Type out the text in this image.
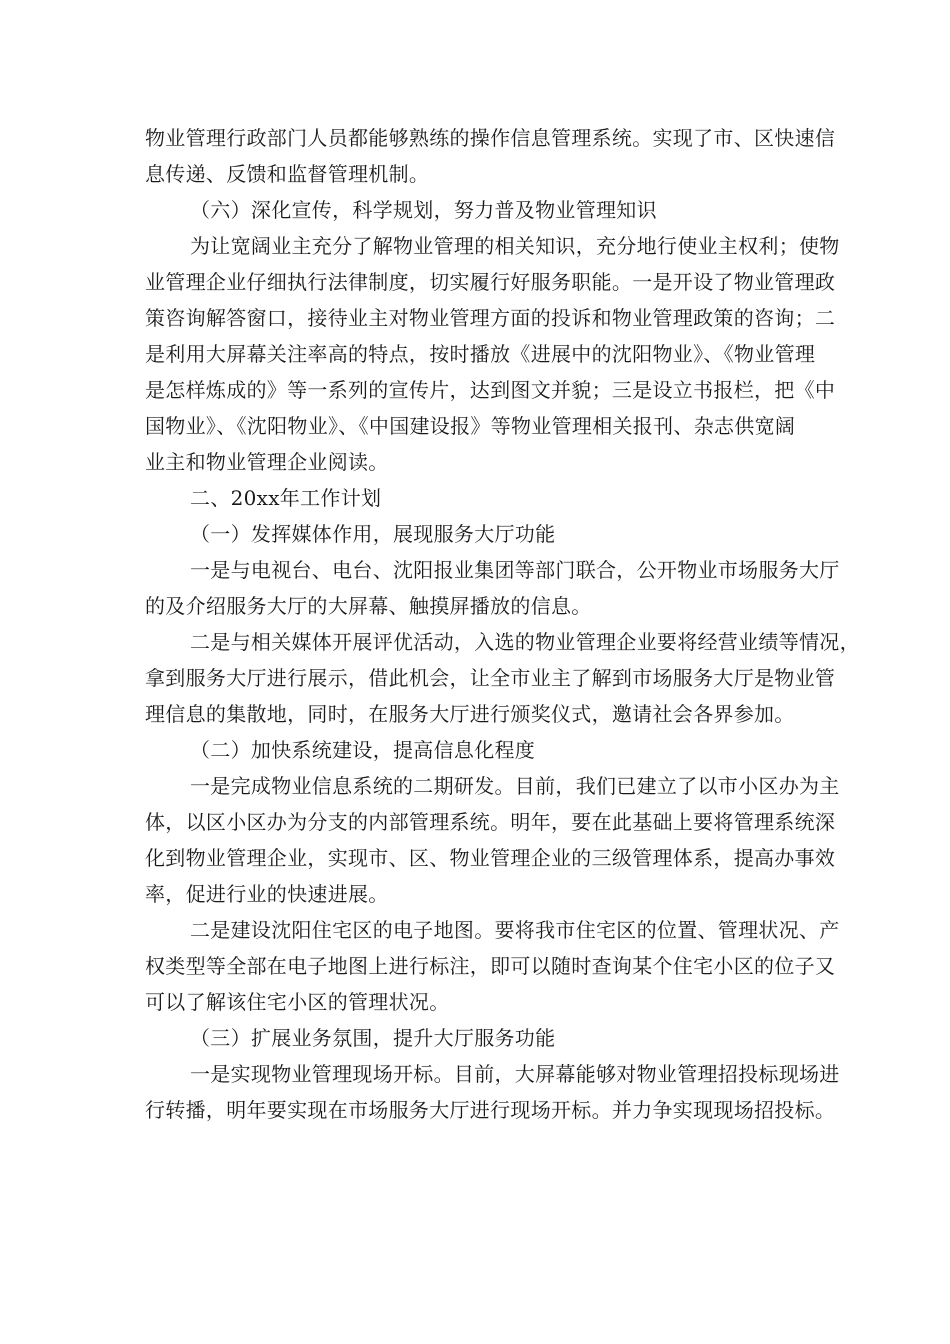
物业管理行政部门人员都能够熟练的操作信息管理系统。实现了市、区快速信
息传递、反馈和监督管理机制。
（六）深化宣传，科学规划，努力普及物业管理知识
为让宽阔业主充分了解物业管理的相关知识，充分地行使业主权利；使物
业管理企业仔细执行法律制度，切实履行好服务职能。一是开设了物业管理政
策咨询解答窗口，接待业主对物业管理方面的投诉和物业管理政策的咨询；二
是利用大屏幕关注率高的特点，按时播放《进展中的沈阳物业》、《物业管理
是怎样炼成的》等一系列的宣传片，达到图文并貌；三是设立书报栏，把《中
国物业》、《沈阳物业》、《中国建设报》等物业管理相关报刊、杂志供宽阔
业主和物业管理企业阅读。
二、20xx年工作计划
（一）发挥媒体作用，展现服务大厅功能
一是与电视台、电台、沈阳报业集团等部门联合，公开物业市场服务大厅
的及介绍服务大厅的大屏幕、触摸屏播放的信息。
二是与相关媒体开展评优活动，入选的物业管理企业要将经营业绩等情况，
拿到服务大厅进行展示，借此机会，让全市业主了解到市场服务大厅是物业管
理信息的集散地，同时，在服务大厅进行颁奖仪式，邀请社会各界参加。
（二）加快系统建设，提高信息化程度
一是完成物业信息系统的二期研发。目前，我们已建立了以市小区办为主
体，以区小区办为分支的内部管理系统。明年，要在此基础上要将管理系统深
化到物业管理企业，实现市、区、物业管理企业的三级管理体系，提高办事效
率，促进行业的快速进展。
二是建设沈阳住宅区的电子地图。要将我市住宅区的位置、管理状况、产
权类型等全部在电子地图上进行标注，即可以随时查询某个住宅小区的位子又
可以了解该住宅小区的管理状况。
（三）扩展业务氛围，提升大厅服务功能
一是实现物业管理现场开标。目前，大屏幕能够对物业管理招投标现场进
行转播，明年要实现在市场服务大厅进行现场开标。并力争实现现场招投标。
